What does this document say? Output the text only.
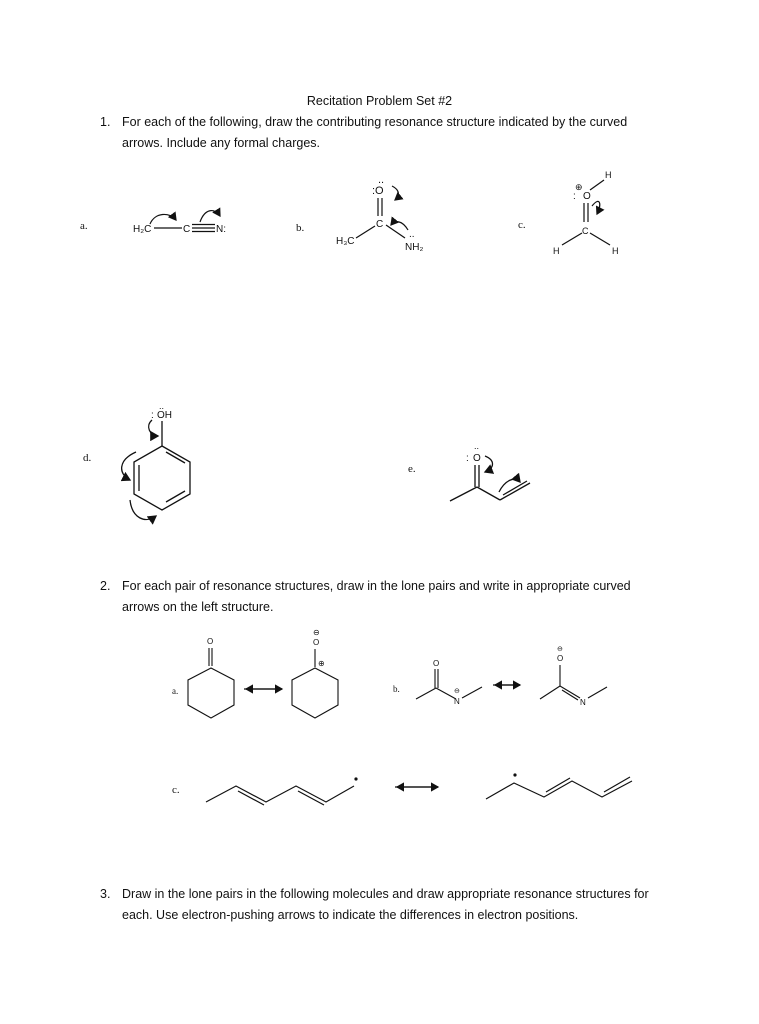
Recitation Problem Set #2
1. For each of the following, draw the contributing resonance structure indicated by the curved
arrows. Include any formal charges.
2. For each pair of resonance structures, draw in the lone pairs and write in appropriate curved
arrows on the left structure.
3. Draw in the lone pairs in the following molecules and draw appropriate resonance structures for
each. Use electron-pushing arrows to indicate the differences in electron positions.
a.	b.	c.
d.
e.
a.	b.
c.
H₂C	C	N:
H₃C
C
:O
..
NH₂
..
H
O
⊕
:
C
H	H
OH
:
..
O
:
..
O
⊖
O
⊕	O
⊖
N
⊖
O
N
